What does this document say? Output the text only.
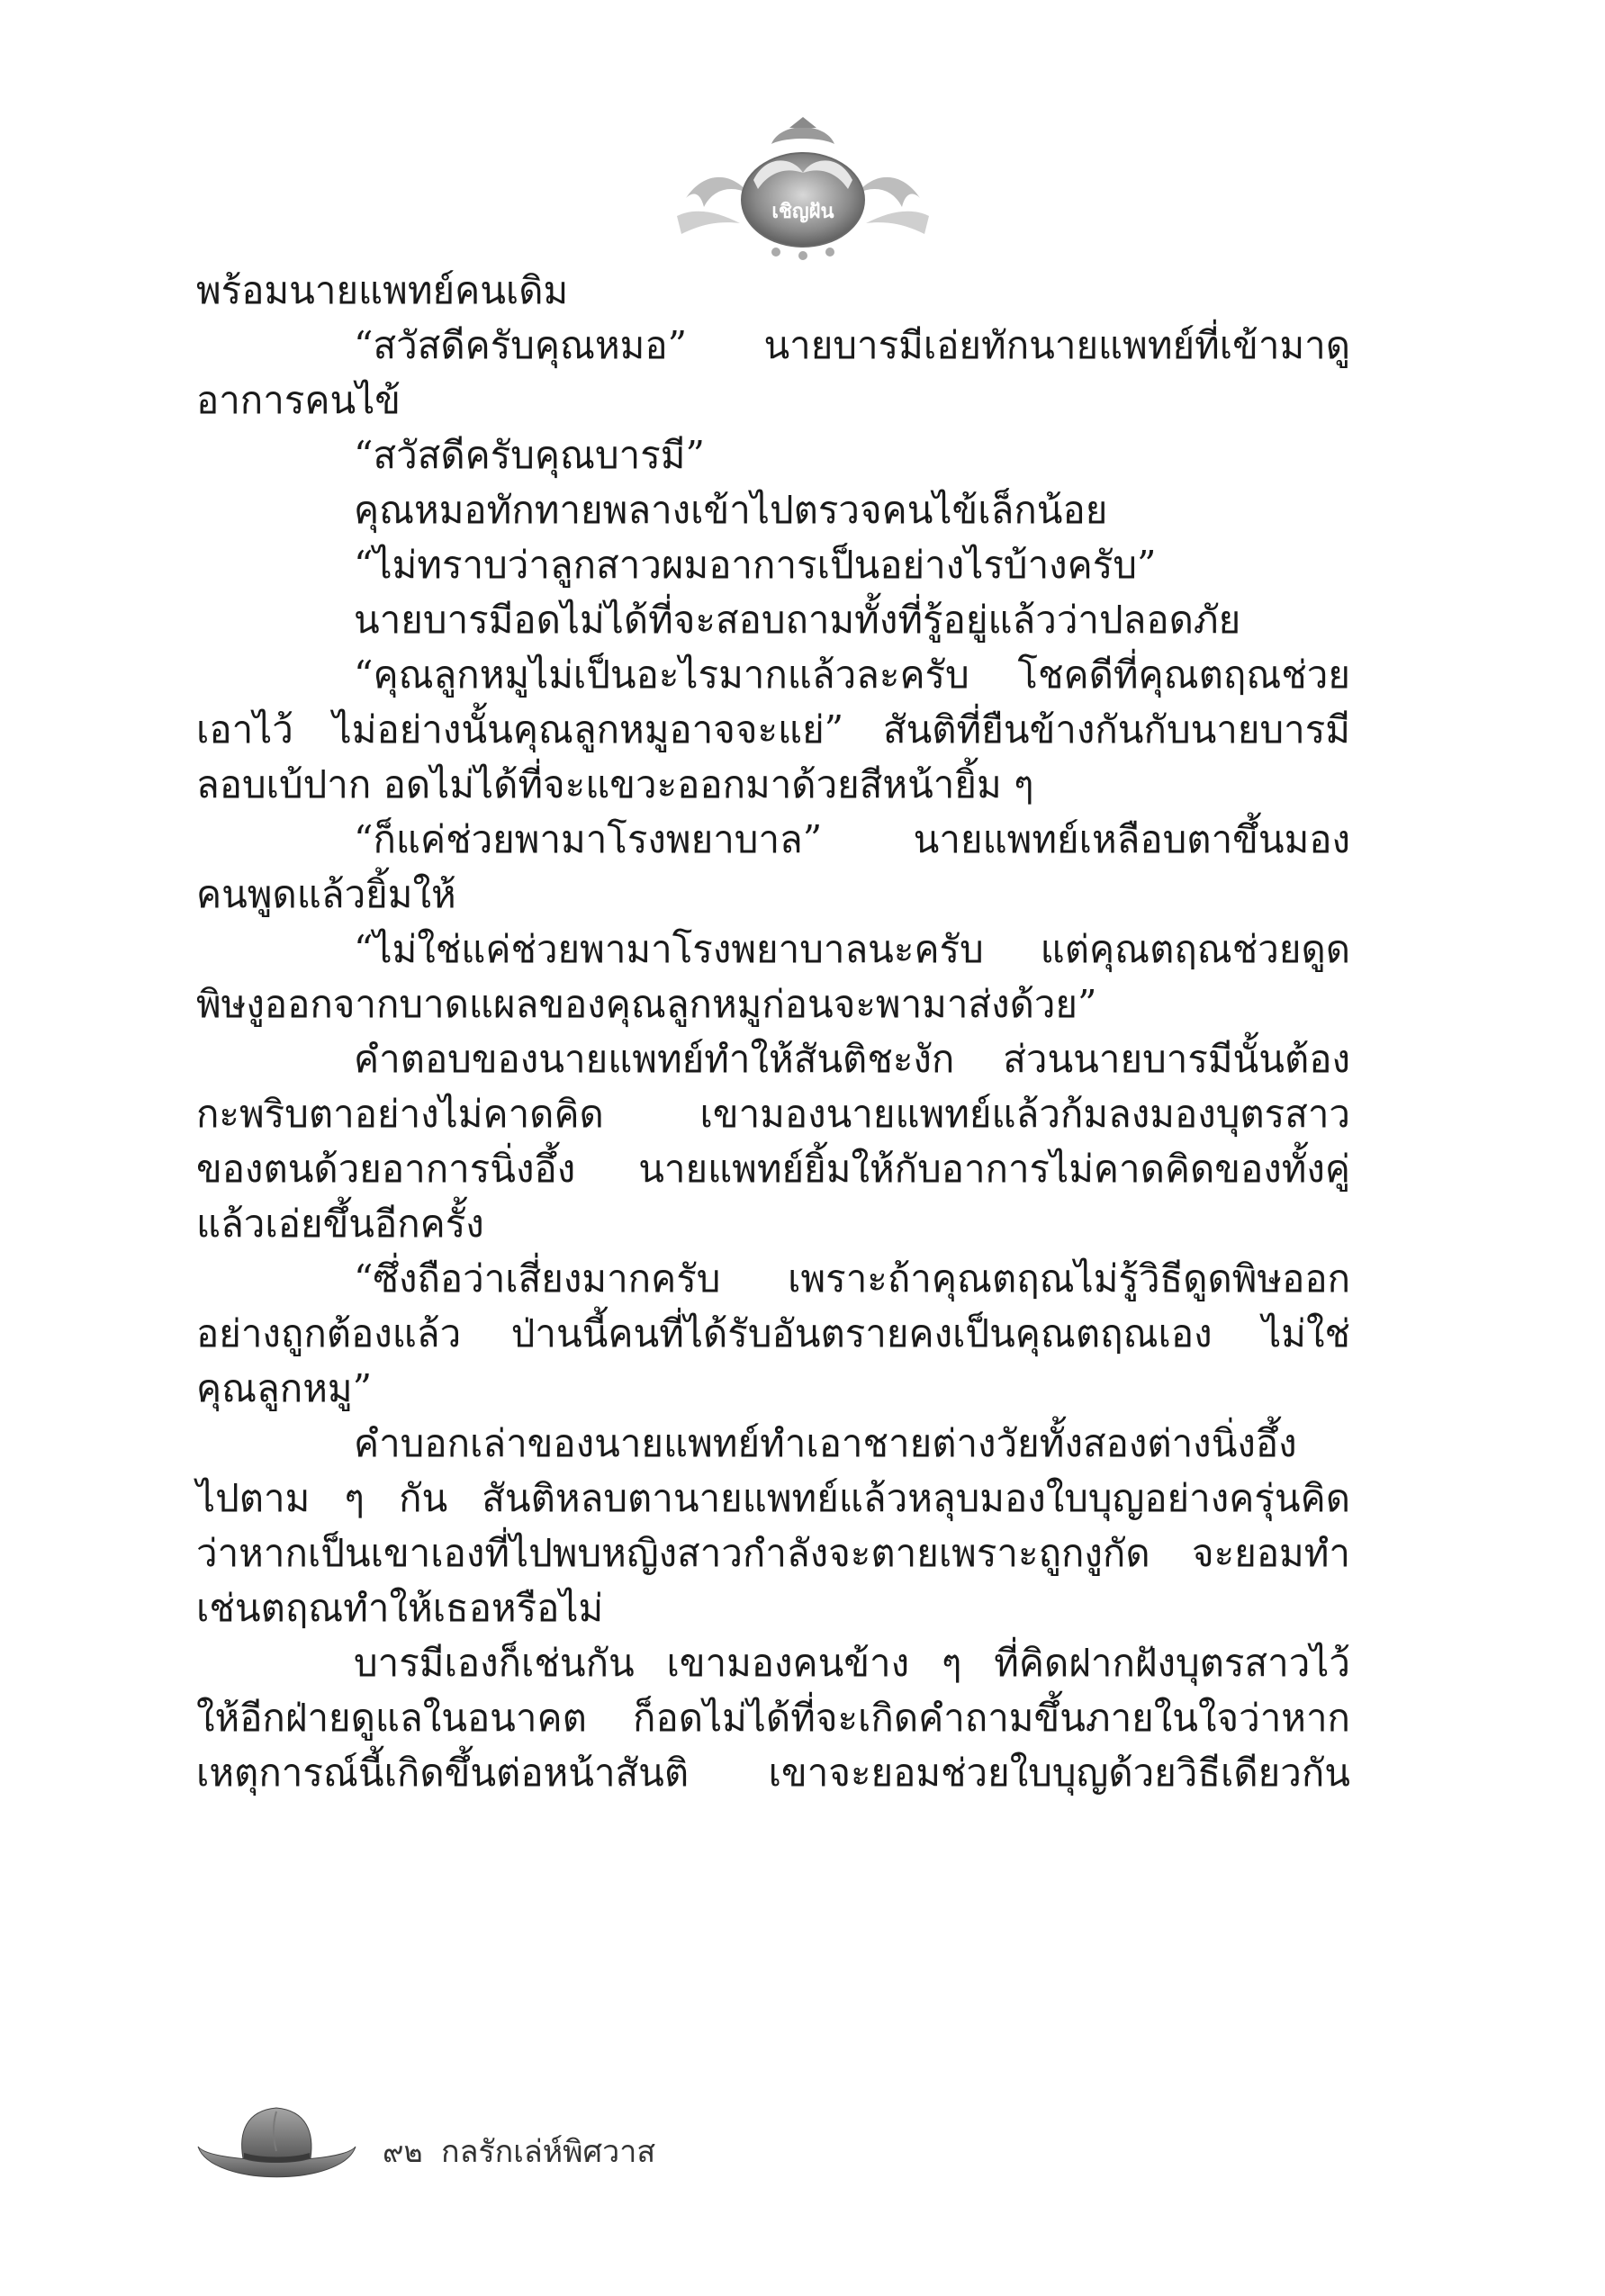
เชิญฝัน
พร้อมนายแพทย์คนเดิม
“สวัสดีครับคุณหมอ” นายบารมีเอ่ยทักนายแพทย์ที่เข้ามาดู
อาการคนไข้
“สวัสดีครับคุณบารมี”
คุณหมอทักทายพลางเข้าไปตรวจคนไข้เล็กน้อย
“ไม่ทราบว่าลูกสาวผมอาการเป็นอย่างไรบ้างครับ”
นายบารมีอดไม่ได้ที่จะสอบถามทั้งที่รู้อยู่แล้วว่าปลอดภัย
“คุณลูกหมูไม่เป็นอะไรมากแล้วละครับ โชคดีที่คุณตฤณช่วย
เอาไว้ ไม่อย่างนั้นคุณลูกหมูอาจจะแย่” สันติที่ยืนข้างกันกับนายบารมี
ลอบเบ้ปาก อดไม่ได้ที่จะแขวะออกมาด้วยสีหน้ายิ้ม ๆ
“ก็แค่ช่วยพามาโรงพยาบาล” นายแพทย์เหลือบตาขึ้นมอง
คนพูดแล้วยิ้มให้
“ไม่ใช่แค่ช่วยพามาโรงพยาบาลนะครับ แต่คุณตฤณช่วยดูด
พิษงูออกจากบาดแผลของคุณลูกหมูก่อนจะพามาส่งด้วย”
คำตอบของนายแพทย์ทำให้สันติชะงัก ส่วนนายบารมีนั้นต้อง
กะพริบตาอย่างไม่คาดคิด เขามองนายแพทย์แล้วก้มลงมองบุตรสาว
ของตนด้วยอาการนิ่งอึ้ง นายแพทย์ยิ้มให้กับอาการไม่คาดคิดของทั้งคู่
แล้วเอ่ยขึ้นอีกครั้ง
“ซึ่งถือว่าเสี่ยงมากครับ เพราะถ้าคุณตฤณไม่รู้วิธีดูดพิษออก
อย่างถูกต้องแล้ว ป่านนี้คนที่ได้รับอันตรายคงเป็นคุณตฤณเอง ไม่ใช่
คุณลูกหมู”
คำบอกเล่าของนายแพทย์ทำเอาชายต่างวัยทั้งสองต่างนิ่งอึ้ง
ไปตาม ๆ กัน สันติหลบตานายแพทย์แล้วหลุบมองใบบุญอย่างครุ่นคิด
ว่าหากเป็นเขาเองที่ไปพบหญิงสาวกำลังจะตายเพราะถูกงูกัด จะยอมทำ
เช่นตฤณทำให้เธอหรือไม่
บารมีเองก็เช่นกัน เขามองคนข้าง ๆ ที่คิดฝากฝังบุตรสาวไว้
ให้อีกฝ่ายดูแลในอนาคต ก็อดไม่ได้ที่จะเกิดคำถามขึ้นภายในใจว่าหาก
เหตุการณ์นี้เกิดขึ้นต่อหน้าสันติ เขาจะยอมช่วยใบบุญด้วยวิธีเดียวกัน
๙๒ กลรักเล่ห์พิศวาส
